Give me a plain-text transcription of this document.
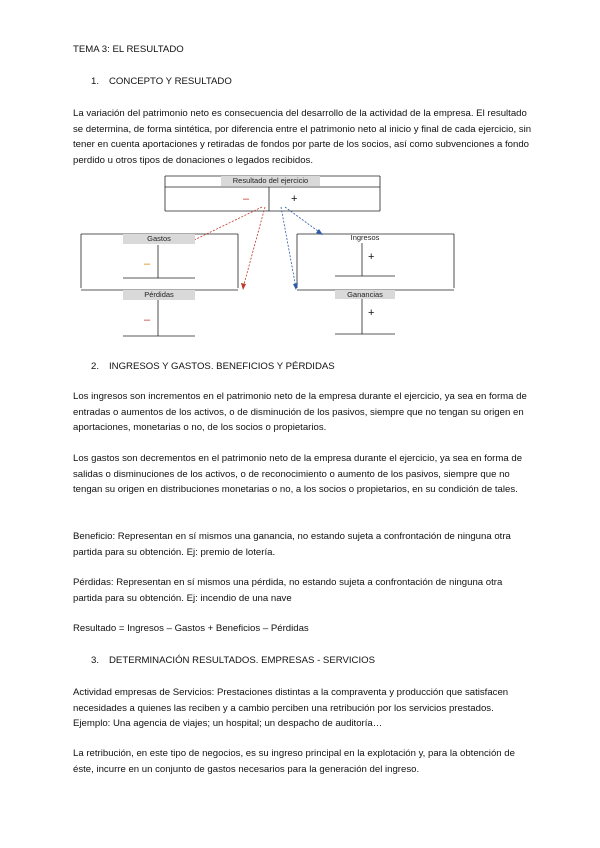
TEMA 3: EL RESULTADO
1. CONCEPTO Y RESULTADO
La variación del patrimonio neto es consecuencia del desarrollo de la actividad de la empresa. El resultado se determina, de forma sintética, por diferencia entre el patrimonio neto al inicio y final de cada ejercicio, sin tener en cuenta aportaciones y retiradas de fondos por parte de los socios, así como subvenciones a fondo perdido u otros tipos de donaciones o legados recibidos.
Resultado del ejercicio
–	+
Gastos
–
Pérdidas
–
Ingresos
+
Ganancias
+
2. INGRESOS Y GASTOS. BENEFICIOS Y PÉRDIDAS
Los ingresos son incrementos en el patrimonio neto de la empresa durante el ejercicio, ya sea en forma de entradas o aumentos de los activos, o de disminución de los pasivos, siempre que no tengan su origen en aportaciones, monetarias o no, de los socios o propietarios.
Los gastos son decrementos en el patrimonio neto de la empresa durante el ejercicio, ya sea en forma de salidas o disminuciones de los activos, o de reconocimiento o aumento de los pasivos, siempre que no tengan su origen en distribuciones monetarias o no, a los socios o propietarios, en su condición de tales.
Beneficio: Representan en sí mismos una ganancia, no estando sujeta a confrontación de ninguna otra partida para su obtención. Ej: premio de lotería.
Pérdidas: Representan en sí mismos una pérdida, no estando sujeta a confrontación de ninguna otra partida para su obtención. Ej: incendio de una nave
Resultado = Ingresos – Gastos + Beneficios – Pérdidas
3. DETERMINACIÓN RESULTADOS. EMPRESAS - SERVICIOS
Actividad empresas de Servicios: Prestaciones distintas a la compraventa y producción que satisfacen necesidades a quienes las reciben y a cambio perciben una retribución por los servicios prestados. Ejemplo: Una agencia de viajes; un hospital; un despacho de auditoría…
La retribución, en este tipo de negocios, es su ingreso principal en la explotación y, para la obtención de éste, incurre en un conjunto de gastos necesarios para la generación del ingreso.
